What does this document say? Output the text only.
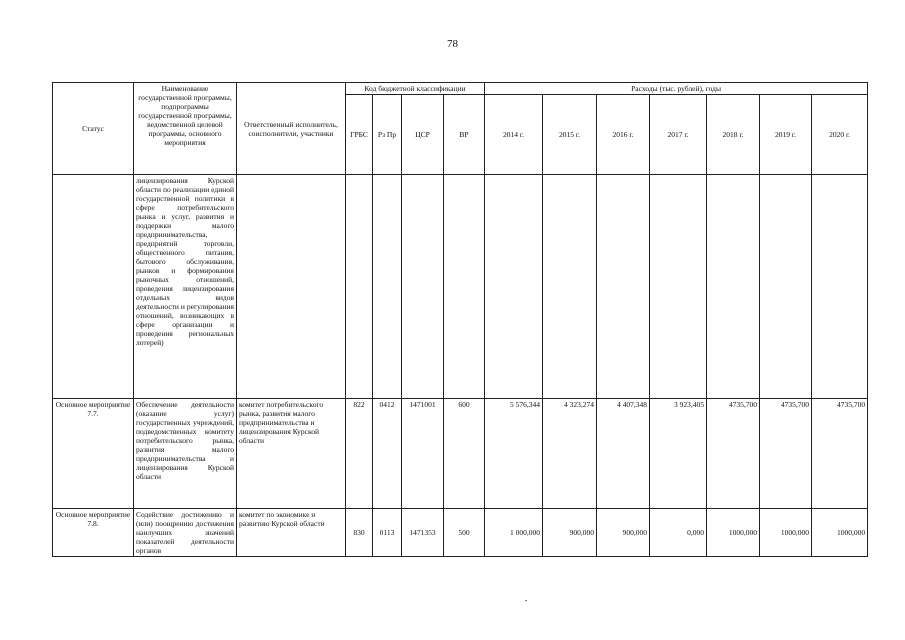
78
Статус	Наименование государственной программы, подпрограммы государственной программы, ведомственной целевой программы, основного мероприятия	Ответственный исполнитель, соисполнители, участники	Код бюджетной классификации				Расходы (тыс. рублей), годы						
			ГРБС	Рз Пр	ЦСР	ВР	2014 г.	2015 г.	2016 г.	2017 г.	2018 г.	2019 г.	2020 г.
	лицензирования Курской области по реализации единой государственной политики в сфере потребительского рынка и услуг, развития и поддержки малого предпринимательства, предприятий торговли, общественного питания, бытового обслуживания, рынков и формирования рыночных отношений, проведения лицензирования отдельных видов деятельности и регулирования отношений, возникающих в сфере организации и проведения региональных лотерей)												
Основное мероприятие 7.7.	Обеспечение деятельности (оказание услуг) государственных учреждений, подведомственных комитету потребительского рынка, развития малого предпринимательства и лицензирования Курской области	комитет потребительского рынка, развития малого предпринимательства и лицензирования Курской области	822	0412	1471001	600	5 576,344	4 323,274	4 407,348	3 923,405	4735,700	4735,700	4735,700
Основное мероприятие 7.8.	Содействие достижению и (или) поощрению достижения наилучших значений показателей деятельности органов	комитет по экономике и развитию Курской области	830	0113	1471353	500	1 000,000	900,000	900,000	0,000	1000,000	1000,000	1000,000
